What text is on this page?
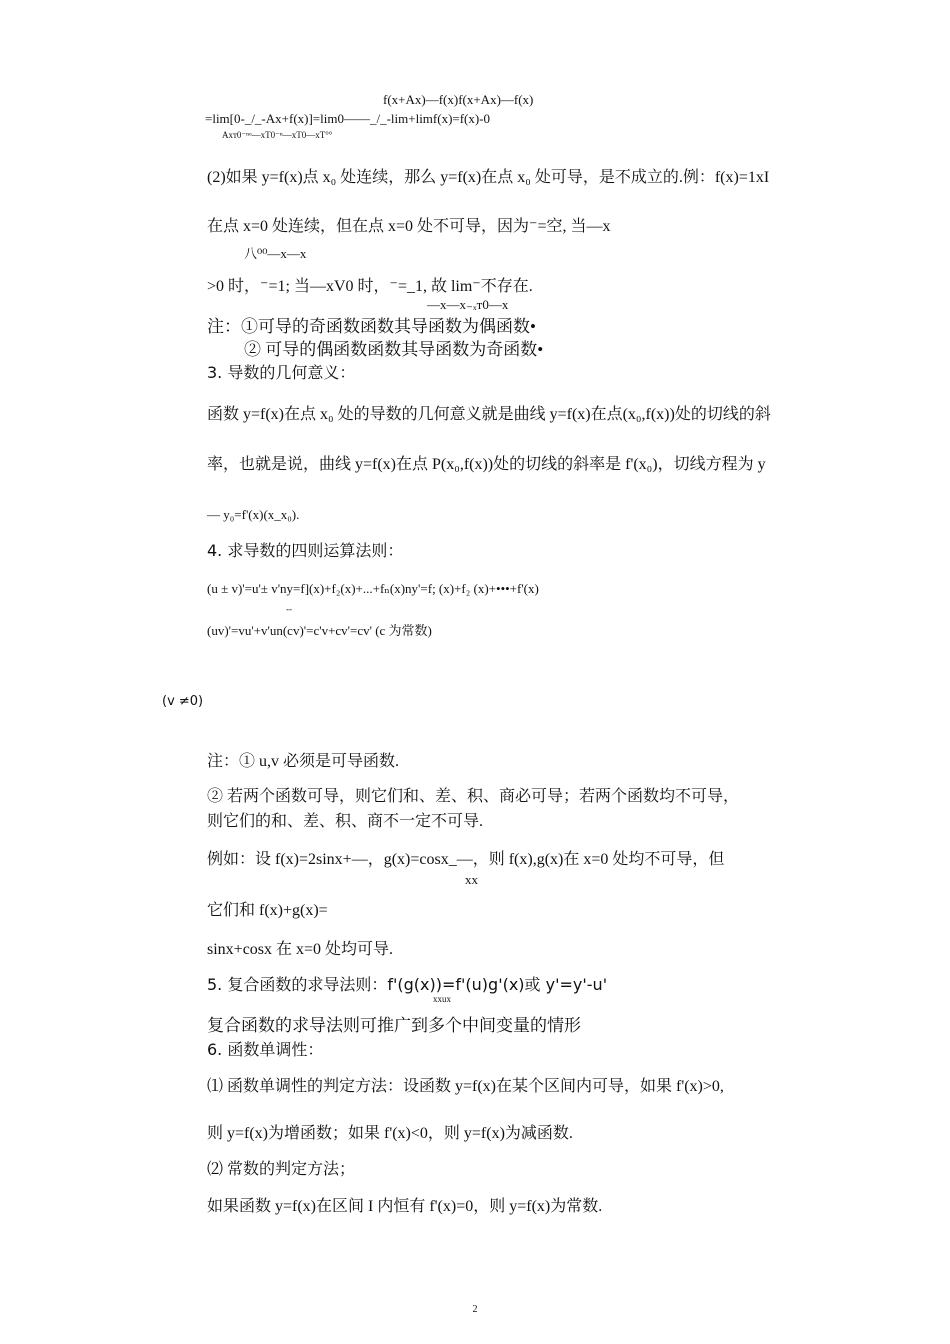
f(x+Ax)—f(x)f(x+Ax)—f(x)
=lim[0-_/_-Ax+f(x)]=lim0——_/_-lim+limf(x)=f(x)-0
Axт0⁻ⁿᵒ—xT0⁻ⁿ—xT0—xT°°
(2)如果 y=f(x)点 x₀ 处连续，那么 y=f(x)在点 x₀ 处可导，是不成立的.例：f(x)=1xI
在点 x=0 处连续，但在点 x=0 处不可导，因为⁻=空, 当—x
八⁰⁰—x—x
>0 时，⁻=1; 当—xV0 时，⁻=_1, 故 lim⁻不存在.
—x—x₋ₓт0—x
注：①可导的奇函数函数其导函数为偶函数•
② 可导的偶函数函数其导函数为奇函数•
3. 导数的几何意义：
函数 y=f(x)在点 x₀ 处的导数的几何意义就是曲线 y=f(x)在点(x₀,f(x))处的切线的斜
率，也就是说，曲线 y=f(x)在点 P(x₀,f(x))处的切线的斜率是 f'(x₀)，切线方程为 y
— y₀=f'(x)(x_x₀).
4. 求导数的四则运算法则：
(u ± v)'=u'± v'ny=f](x)+f₂(x)+...+fₙ(x)ny'=f; (x)+f₂ (x)+•••+f'(x)
--
(uv)'=vu'+v'un(cv)'=c'v+cv'=cv' (c 为常数)
(v ≠0)
注：① u,v 必须是可导函数.
② 若两个函数可导，则它们和、差、积、商必可导；若两个函数均不可导，
则它们的和、差、积、商不一定不可导.
例如：设 f(x)=2sinx+—，g(x)=cosx_—，则 f(x),g(x)在 x=0 处均不可导，但
xx
它们和 f(x)+g(x)=
sinx+cosx 在 x=0 处均可导.
5. 复合函数的求导法则：f'(g(x))=f'(u)g'(x)或 y'=y'-u'
xxux
复合函数的求导法则可推广到多个中间变量的情形
6. 函数单调性：
⑴ 函数单调性的判定方法：设函数 y=f(x)在某个区间内可导，如果 f'(x)>0,
则 y=f(x)为增函数；如果 f'(x)<0，则 y=f(x)为减函数.
⑵ 常数的判定方法；
如果函数 y=f(x)在区间 I 内恒有 f'(x)=0，则 y=f(x)为常数.
2
